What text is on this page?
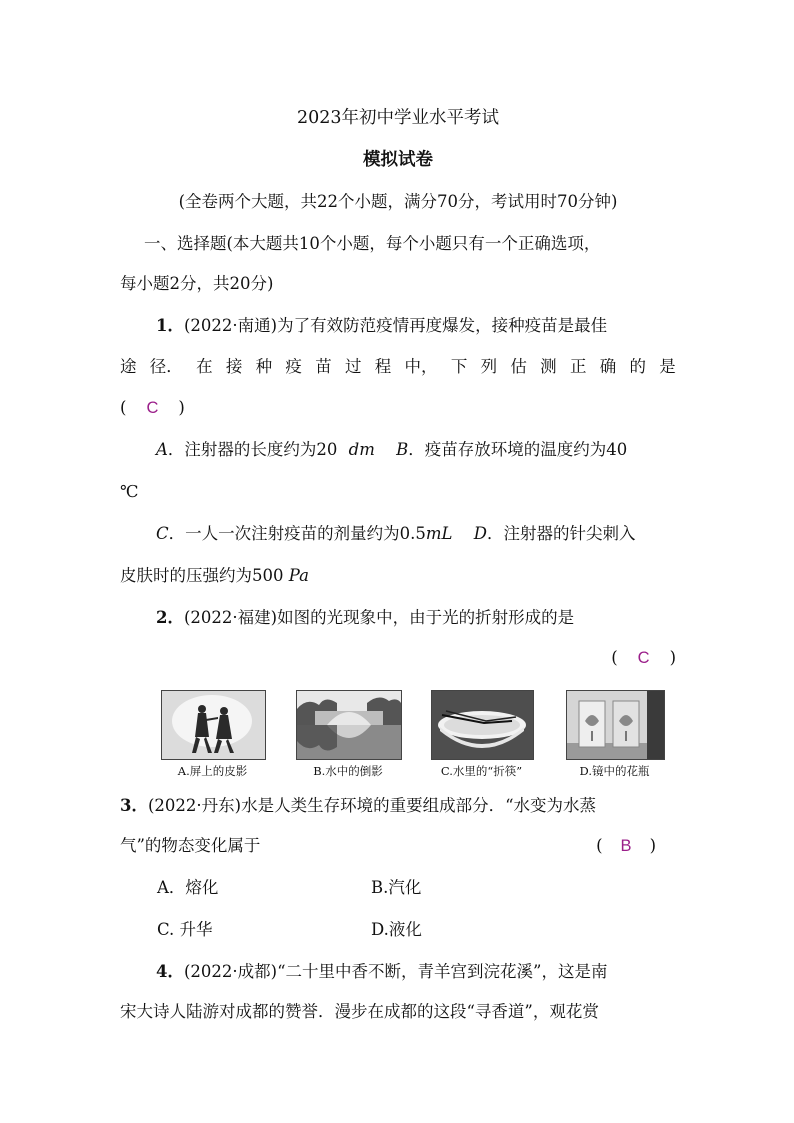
2023年初中学业水平考试
模拟试卷
(全卷两个大题，共22个小题，满分70分，考试用时70分钟)
一、选择题(本大题共10个小题，每个小题只有一个正确选项，
每小题2分，共20分)
1．(2022·南通)为了有效防范疫情再度爆发，接种疫苗是最佳
途 径． 在 接 种 疫 苗 过 程 中， 下 列 估 测 正 确 的 是
( C )
A．注射器的长度约为20 dm B．疫苗存放环境的温度约为40
℃
C．一人一次注射疫苗的剂量约为0.5mL D．注射器的针尖刺入
皮肤时的压强约为500 Pa
2．(2022·福建)如图的光现象中，由于光的折射形成的是
( C )
A.屏上的皮影	B.水中的倒影	C.水里的“折筷”	D.镜中的花瓶
3．(2022·丹东)水是人类生存环境的重要组成部分．“水变为水蒸
气”的物态变化属于	( B )
A．熔化	B.汽化
C. 升华	D.液化
4．(2022·成都)“二十里中香不断，青羊宫到浣花溪”，这是南
宋大诗人陆游对成都的赞誉．漫步在成都的这段“寻香道”，观花赏
